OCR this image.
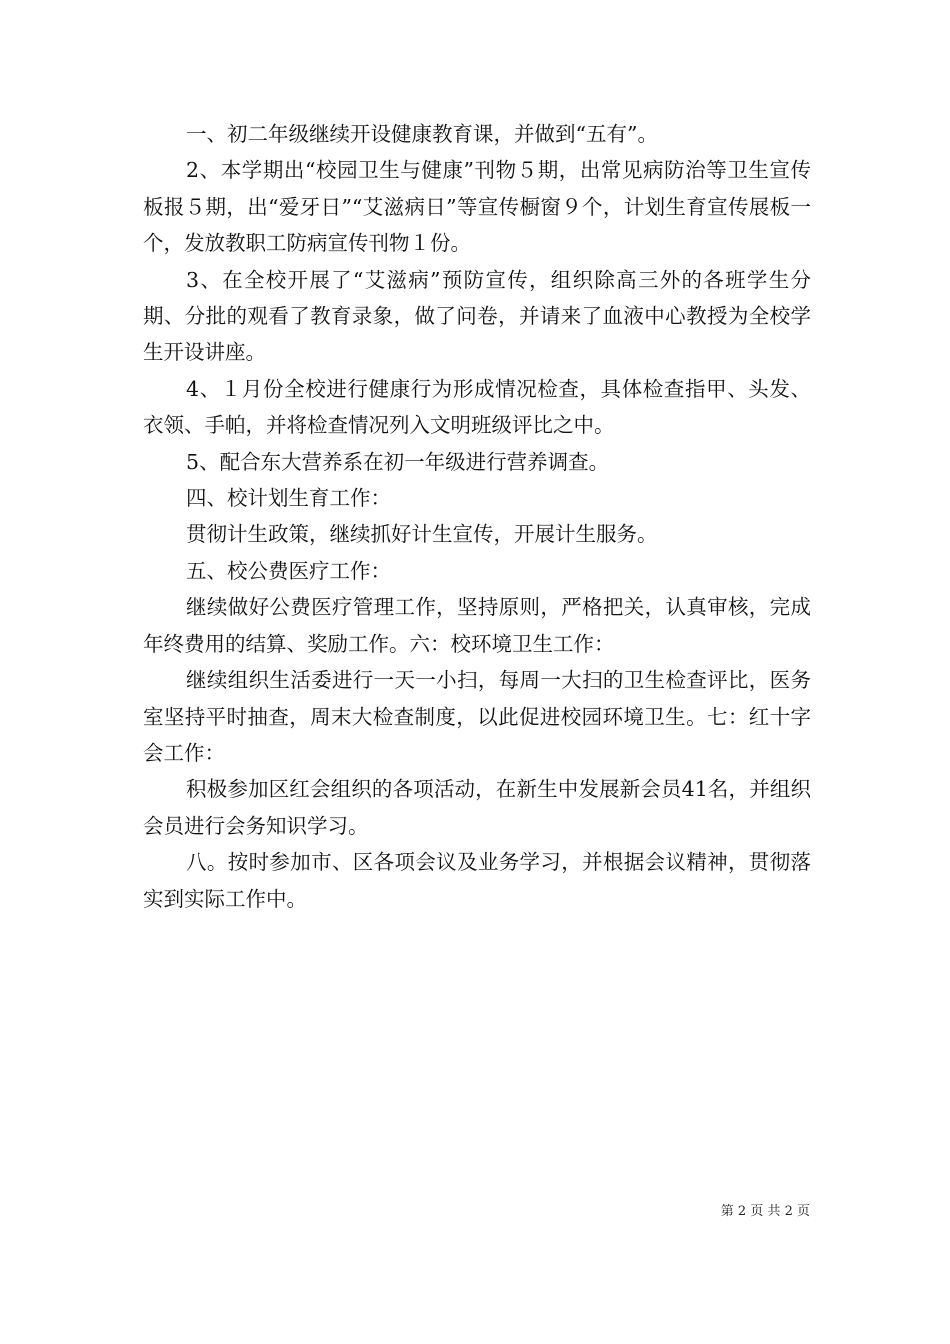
一、初二年级继续开设健康教育课，并做到“五有”。

2、本学期出“校园卫生与健康”刊物５期，出常见病防治等卫生宣传板报５期，出“爱牙日”“艾滋病日”等宣传橱窗９个，计划生育宣传展板一个，发放教职工防病宣传刊物１份。

3、在全校开展了“艾滋病”预防宣传，组织除高三外的各班学生分期、分批的观看了教育录象，做了问卷，并请来了血液中心教授为全校学生开设讲座。

4、１月份全校进行健康行为形成情况检查，具体检查指甲、头发、衣领、手帕，并将检查情况列入文明班级评比之中。

5、配合东大营养系在初一年级进行营养调查。

四、校计划生育工作：

贯彻计生政策，继续抓好计生宣传，开展计生服务。

五、校公费医疗工作：

继续做好公费医疗管理工作，坚持原则，严格把关，认真审核，完成年终费用的结算、奖励工作。六：校环境卫生工作：

继续组织生活委进行一天一小扫，每周一大扫的卫生检查评比，医务室坚持平时抽查，周末大检查制度，以此促进校园环境卫生。七：红十字会工作：

积极参加区红会组织的各项活动，在新生中发展新会员41名，并组织会员进行会务知识学习。

八。按时参加市、区各项会议及业务学习，并根据会议精神，贯彻落实到实际工作中。

第 2 页 共 2 页
